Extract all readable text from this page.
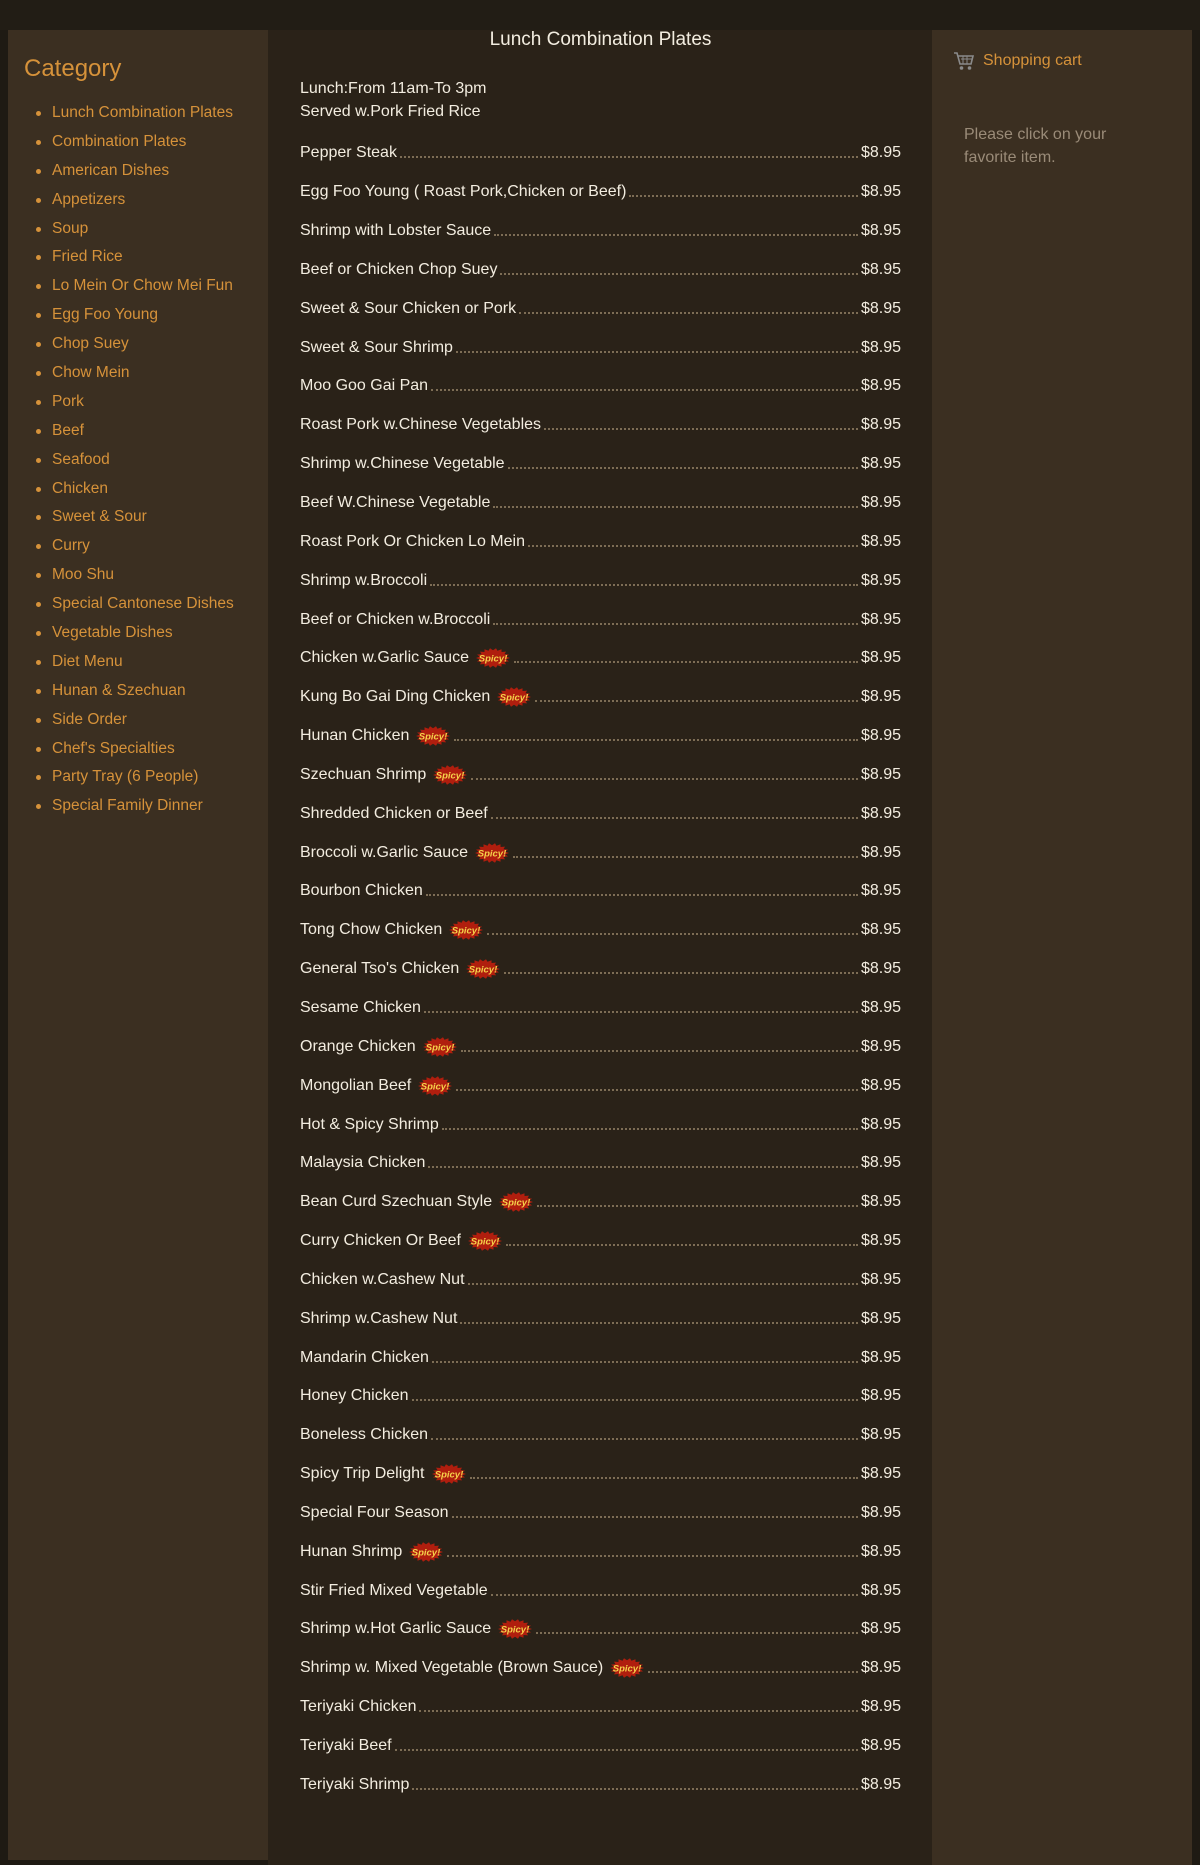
Category
Lunch Combination Plates
Combination Plates
American Dishes
Appetizers
Soup
Fried Rice
Lo Mein Or Chow Mei Fun
Egg Foo Young
Chop Suey
Chow Mein
Pork
Beef
Seafood
Chicken
Sweet & Sour
Curry
Moo Shu
Special Cantonese Dishes
Vegetable Dishes
Diet Menu
Hunan & Szechuan
Side Order
Chef's Specialties
Party Tray (6 People)
Special Family Dinner
Lunch Combination Plates
Lunch:From 11am-To 3pm
Served w.Pork Fried Rice
Pepper Steak	$8.95
Egg Foo Young ( Roast Pork,Chicken or Beef)	$8.95
Shrimp with Lobster Sauce	$8.95
Beef or Chicken Chop Suey	$8.95
Sweet & Sour Chicken or Pork	$8.95
Sweet & Sour Shrimp	$8.95
Moo Goo Gai Pan	$8.95
Roast Pork w.Chinese Vegetables	$8.95
Shrimp w.Chinese Vegetable	$8.95
Beef W.Chinese Vegetable	$8.95
Roast Pork Or Chicken Lo Mein	$8.95
Shrimp w.Broccoli	$8.95
Beef or Chicken w.Broccoli	$8.95
Chicken w.Garlic Sauce Spicy!	$8.95
Kung Bo Gai Ding Chicken Spicy!	$8.95
Hunan Chicken Spicy!	$8.95
Szechuan Shrimp Spicy!	$8.95
Shredded Chicken or Beef	$8.95
Broccoli w.Garlic Sauce Spicy!	$8.95
Bourbon Chicken	$8.95
Tong Chow Chicken Spicy!	$8.95
General Tso's Chicken Spicy!	$8.95
Sesame Chicken	$8.95
Orange Chicken Spicy!	$8.95
Mongolian Beef Spicy!	$8.95
Hot & Spicy Shrimp	$8.95
Malaysia Chicken	$8.95
Bean Curd Szechuan Style Spicy!	$8.95
Curry Chicken Or Beef Spicy!	$8.95
Chicken w.Cashew Nut	$8.95
Shrimp w.Cashew Nut	$8.95
Mandarin Chicken	$8.95
Honey Chicken	$8.95
Boneless Chicken	$8.95
Spicy Trip Delight Spicy!	$8.95
Special Four Season	$8.95
Hunan Shrimp Spicy!	$8.95
Stir Fried Mixed Vegetable	$8.95
Shrimp w.Hot Garlic Sauce Spicy!	$8.95
Shrimp w. Mixed Vegetable (Brown Sauce) Spicy!	$8.95
Teriyaki Chicken	$8.95
Teriyaki Beef	$8.95
Teriyaki Shrimp	$8.95
Shopping cart
Please click on your favorite item.
